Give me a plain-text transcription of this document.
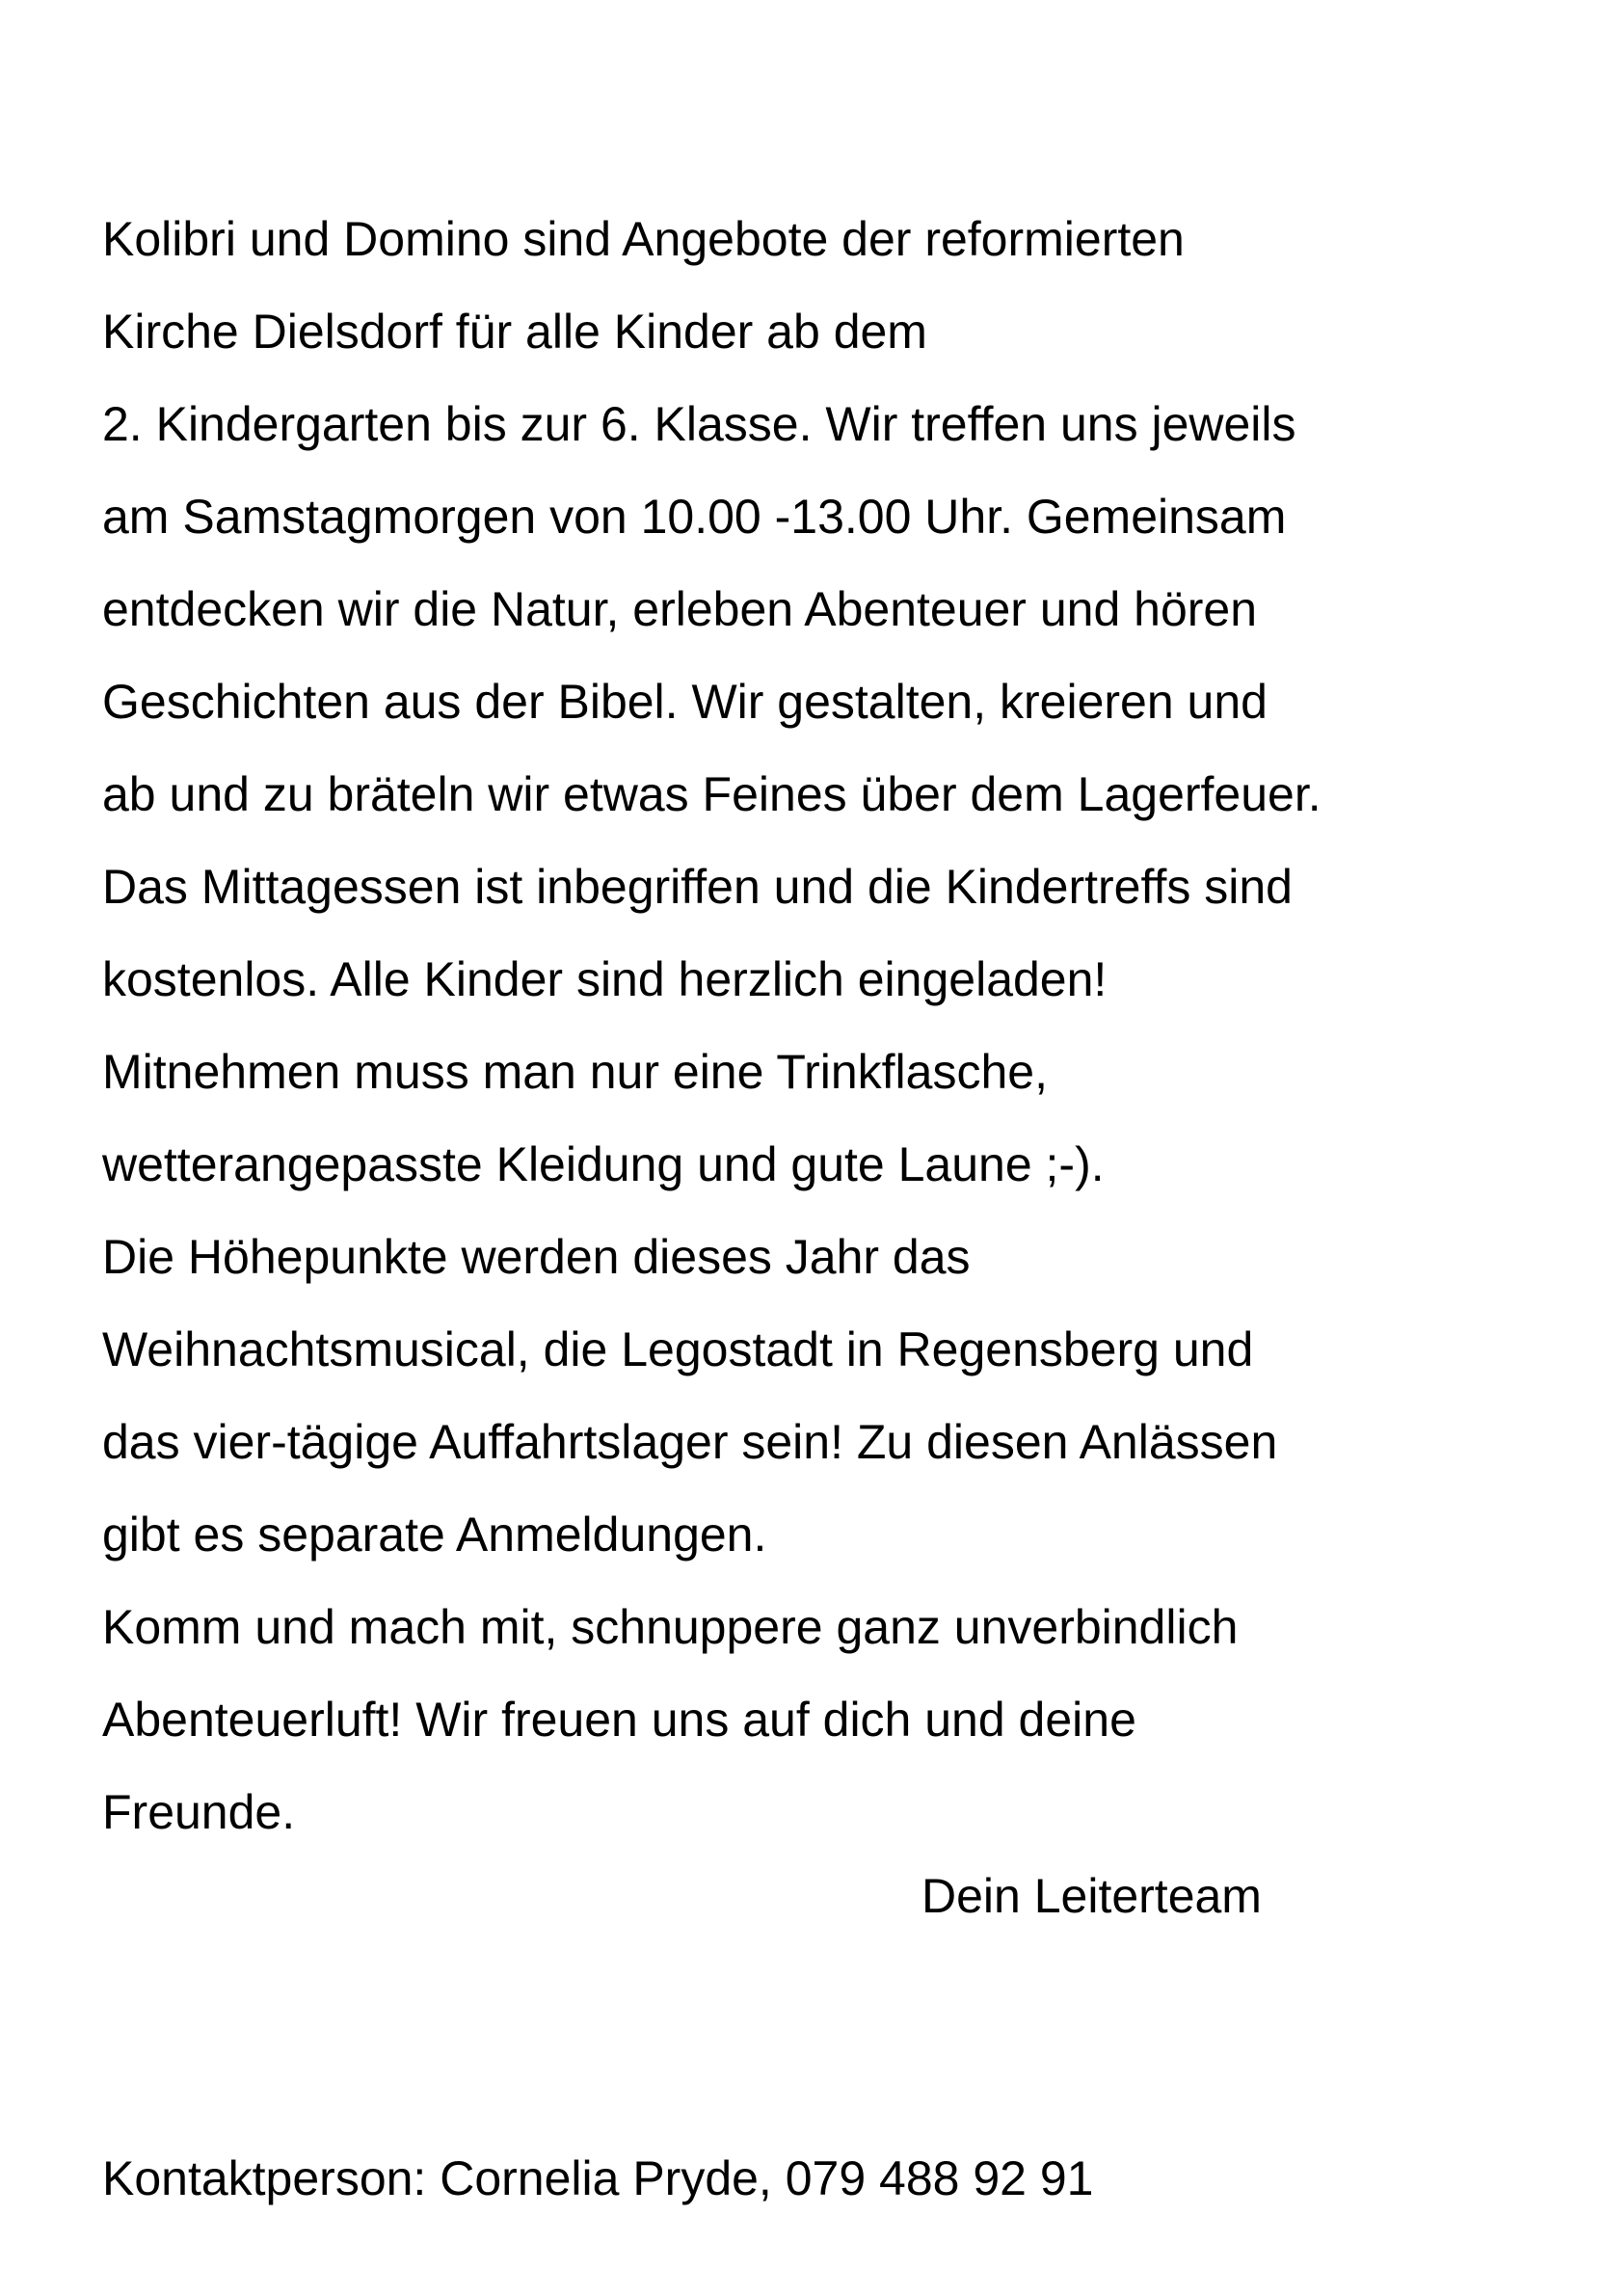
Kolibri und Domino sind Angebote der reformierten
Kirche Dielsdorf für alle Kinder ab dem
2. Kindergarten bis zur 6. Klasse. Wir treffen uns jeweils
am Samstagmorgen von 10.00 -13.00 Uhr. Gemeinsam
entdecken wir die Natur, erleben Abenteuer und hören
Geschichten aus der Bibel. Wir gestalten, kreieren und
ab und zu bräteln wir etwas Feines über dem Lagerfeuer.
Das Mittagessen ist inbegriffen und die Kindertreffs sind
kostenlos. Alle Kinder sind herzlich eingeladen!
Mitnehmen muss man nur eine Trinkflasche,
wetterangepasste Kleidung und gute Laune ;-).
Die Höhepunkte werden dieses Jahr das
Weihnachtsmusical, die Legostadt in Regensberg und
das vier-tägige Auffahrtslager sein! Zu diesen Anlässen
gibt es separate Anmeldungen.
Komm und mach mit, schnuppere ganz unverbindlich
Abenteuerluft! Wir freuen uns auf dich und deine
Freunde.
Dein Leiterteam
Kontaktperson: Cornelia Pryde, 079 488 92 91
